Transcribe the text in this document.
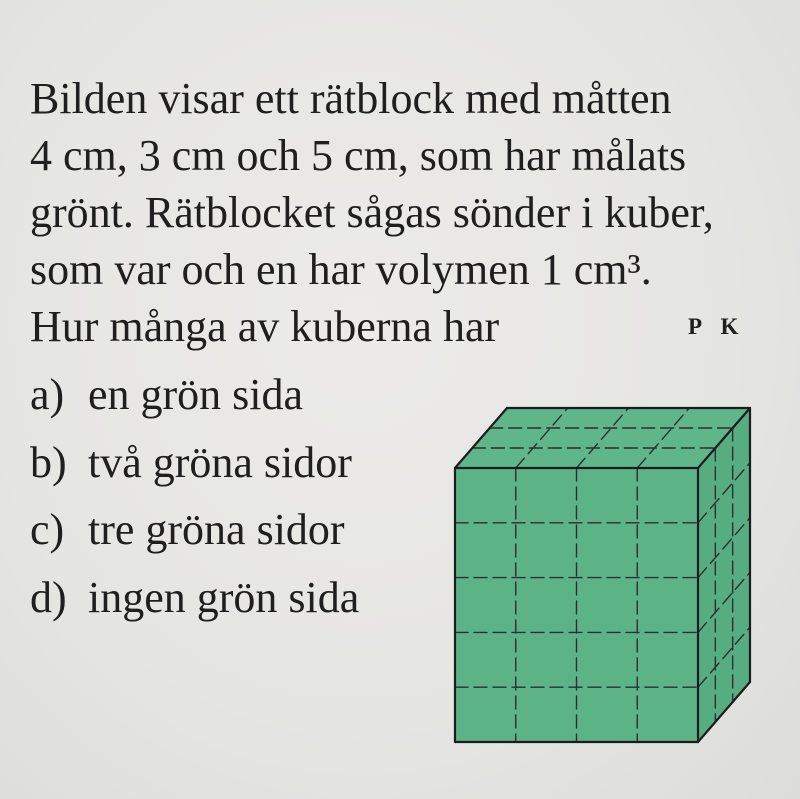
Bilden visar ett rätblock med måtten
4 cm, 3 cm och 5 cm, som har målats
grönt. Rätblocket sågas sönder i kuber,
som var och en har volymen 1 cm³.
Hur många av kuberna har	P K
a) en grön sida
b) två gröna sidor
c) tre gröna sidor
d) ingen grön sida
